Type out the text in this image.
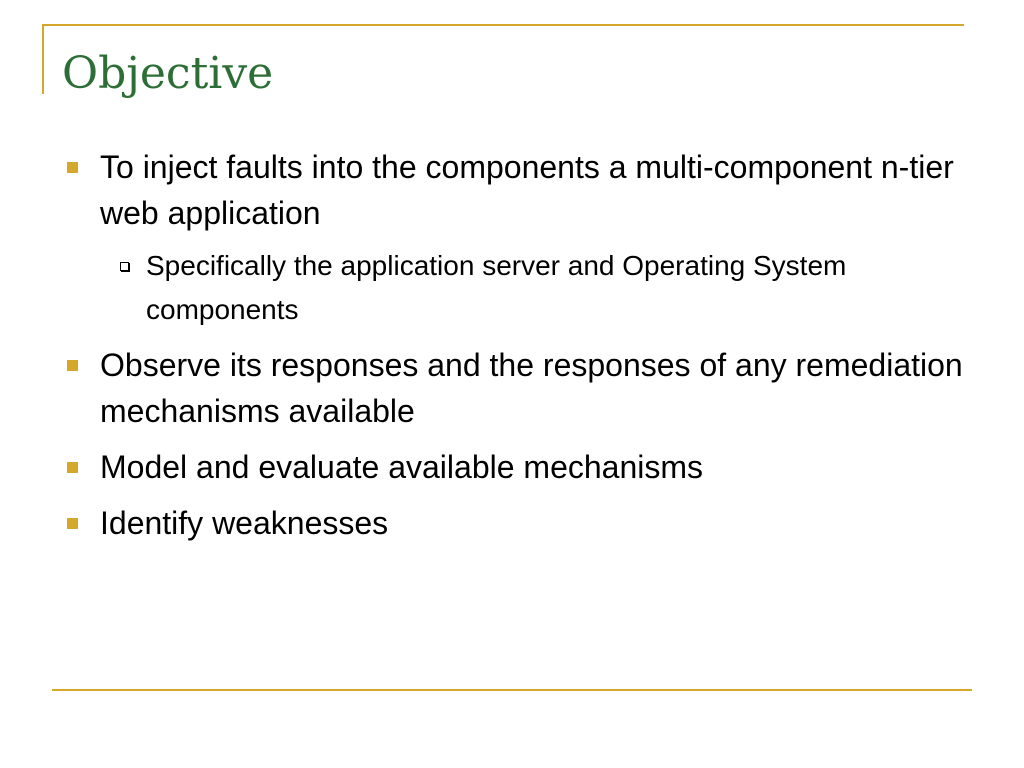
Objective
To inject faults into the components a multi-component n-tier web application
Specifically the application server and Operating System components
Observe its responses and the responses of any remediation mechanisms available
Model and evaluate available mechanisms
Identify weaknesses
